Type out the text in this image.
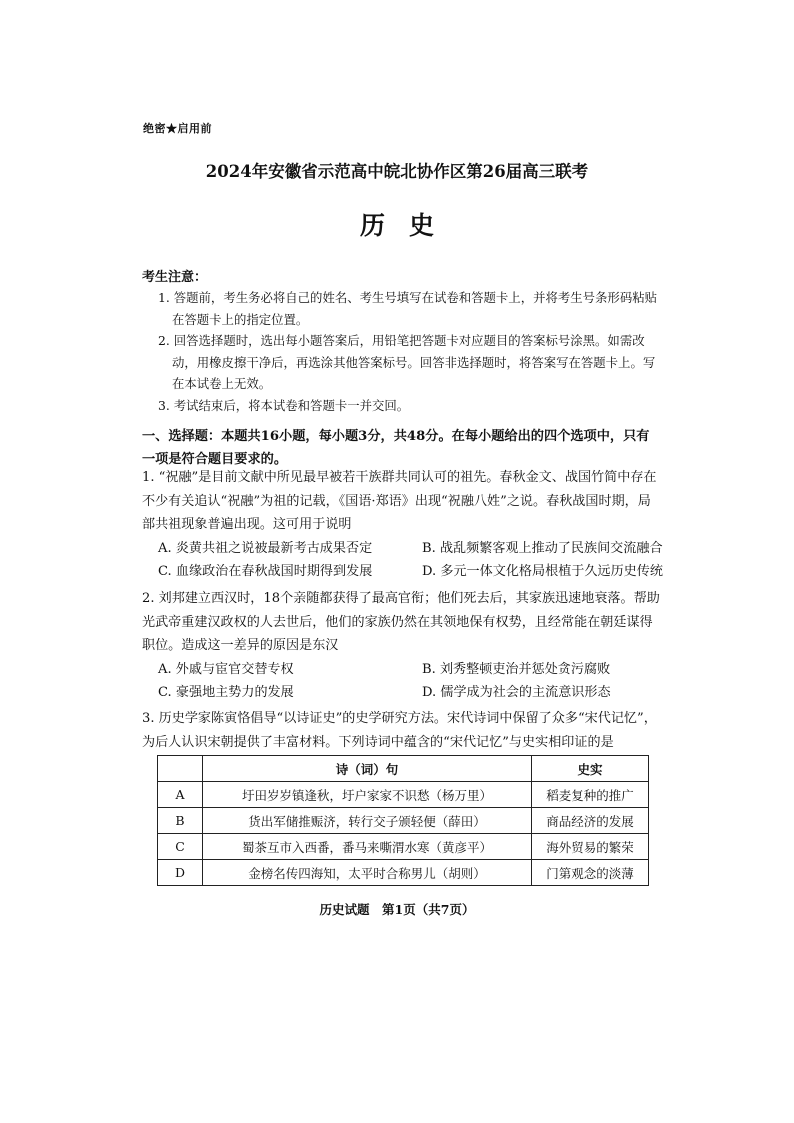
绝密★启用前
2024年安徽省示范高中皖北协作区第26届高三联考
历史
考生注意：
1. 答题前，考生务必将自己的姓名、考生号填写在试卷和答题卡上，并将考生号条形码粘贴在答题卡上的指定位置。
2. 回答选择题时，选出每小题答案后，用铅笔把答题卡对应题目的答案标号涂黑。如需改动，用橡皮擦干净后，再选涂其他答案标号。回答非选择题时，将答案写在答题卡上。写在本试卷上无效。
3. 考试结束后，将本试卷和答题卡一并交回。
一、选择题：本题共16小题，每小题3分，共48分。在每小题给出的四个选项中，只有一项是符合题目要求的。

1. “祝融”是目前文献中所见最早被若干族群共同认可的祖先。春秋金文、战国竹简中存在不少有关追认“祝融”为祖的记载，《国语·郑语》出现“祝融八姓”之说。春秋战国时期，局部共祖现象普遍出现。这可用于说明

A. 炎黄共祖之说被最新考古成果否定	B. 战乱频繁客观上推动了民族间交流融合
C. 血缘政治在春秋战国时期得到发展	D. 多元一体文化格局根植于久远历史传统

2. 刘邦建立西汉时，18个亲随都获得了最高官衔；他们死去后，其家族迅速地衰落。帮助光武帝重建汉政权的人去世后，他们的家族仍然在其领地保有权势，且经常能在朝廷谋得职位。造成这一差异的原因是东汉

A. 外戚与宦官交替专权	B. 刘秀整顿吏治并惩处贪污腐败
C. 豪强地主势力的发展	D. 儒学成为社会的主流意识形态

3. 历史学家陈寅恪倡导“以诗证史”的史学研究方法。宋代诗词中保留了众多“宋代记忆”，为后人认识宋朝提供了丰富材料。下列诗词中蕴含的“宋代记忆”与史实相印证的是

	诗（词）句	史实
A	圩田岁岁镇逢秋，圩户家家不识愁（杨万里）	稻麦复种的推广
B	货出军储推赈济，转行交子颁轻便（薛田）	商品经济的发展
C	蜀茶互市入西番，番马来嘶渭水寒（黄彦平）	海外贸易的繁荣
D	金榜名传四海知，太平时合称男儿（胡则）	门第观念的淡薄
历史试题　第1页（共7页）
